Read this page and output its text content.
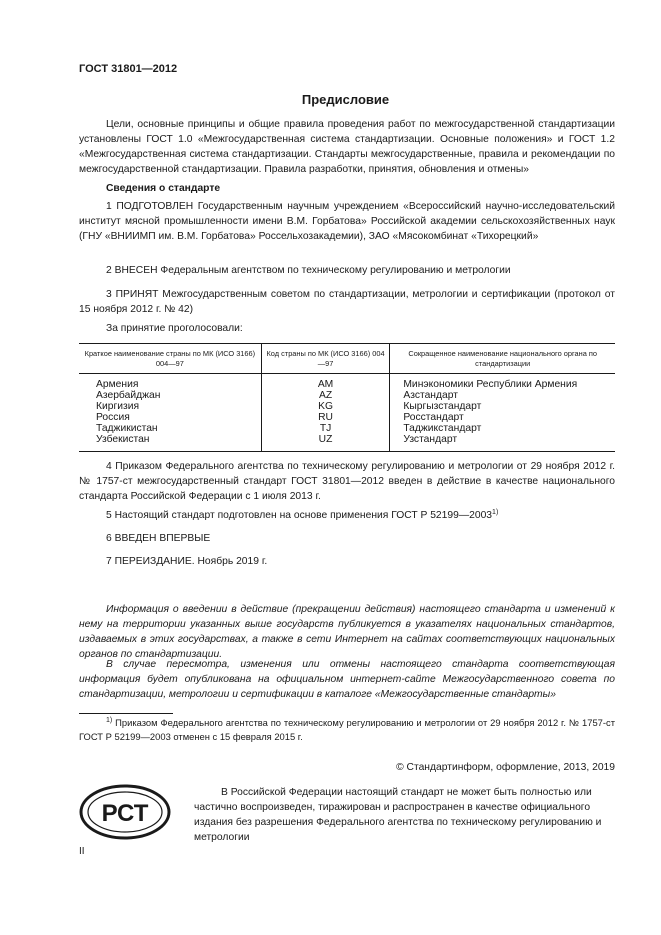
ГОСТ 31801—2012
Предисловие
Цели, основные принципы и общие правила проведения работ по межгосударственной стандартизации установлены ГОСТ 1.0 «Межгосударственная система стандартизации. Основные положения» и ГОСТ 1.2 «Межгосударственная система стандартизации. Стандарты межгосударственные, правила и рекомендации по межгосударственной стандартизации. Правила разработки, принятия, обновления и отмены»
Сведения о стандарте
1 ПОДГОТОВЛЕН Государственным научным учреждением «Всероссийский научно-исследовательский институт мясной промышленности имени В.М. Горбатова» Российской академии сельскохозяйственных наук (ГНУ «ВНИИМП им. В.М. Горбатова» Россельхозакадемии), ЗАО «Мясокомбинат «Тихорецкий»
2 ВНЕСЕН Федеральным агентством по техническому регулированию и метрологии
3 ПРИНЯТ Межгосударственным советом по стандартизации, метрологии и сертификации (протокол от 15 ноября 2012 г. № 42)
За принятие проголосовали:
Краткое наименование страны по МК (ИСО 3166) 004—97	Код страны по МК (ИСО 3166) 004—97	Сокращенное наименование национального органа по стандартизации
Армения	AM	Минэкономики Республики Армения
Азербайджан	AZ	Азстандарт
Киргизия	KG	Кыргызстандарт
Россия	RU	Росстандарт
Таджикистан	TJ	Таджикстандарт
Узбекистан	UZ	Узстандарт
4 Приказом Федерального агентства по техническому регулированию и метрологии от 29 ноября 2012 г. № 1757-ст межгосударственный стандарт ГОСТ 31801—2012 введен в действие в качестве национального стандарта Российской Федерации с 1 июля 2013 г.
5 Настоящий стандарт подготовлен на основе применения ГОСТ Р 52199—2003$^{1)}$
6 ВВЕДЕН ВПЕРВЫЕ
7 ПЕРЕИЗДАНИЕ. Ноябрь 2019 г.
Информация о введении в действие (прекращении действия) настоящего стандарта и изменений к нему на территории указанных выше государств публикуется в указателях национальных стандартов, издаваемых в этих государствах, а также в сети Интернет на сайтах соответствующих национальных органов по стандартизации.
В случае пересмотра, изменения или отмены настоящего стандарта соответствующая информация будет опубликована на официальном интернет-сайте Межгосударственного совета по стандартизации, метрологии и сертификации в каталоге «Межгосударственные стандарты»
$^{1)}$ Приказом Федерального агентства по техническому регулированию и метрологии от 29 ноября 2012 г. № 1757-ст ГОСТ Р 52199—2003 отменен с 15 февраля 2015 г.
© Стандартинформ, оформление, 2013, 2019
РСТ
В Российской Федерации настоящий стандарт не может быть полностью или частично воспроизведен, тиражирован и распространен в качестве официального издания без разрешения Федерального агентства по техническому регулированию и метрологии
II
